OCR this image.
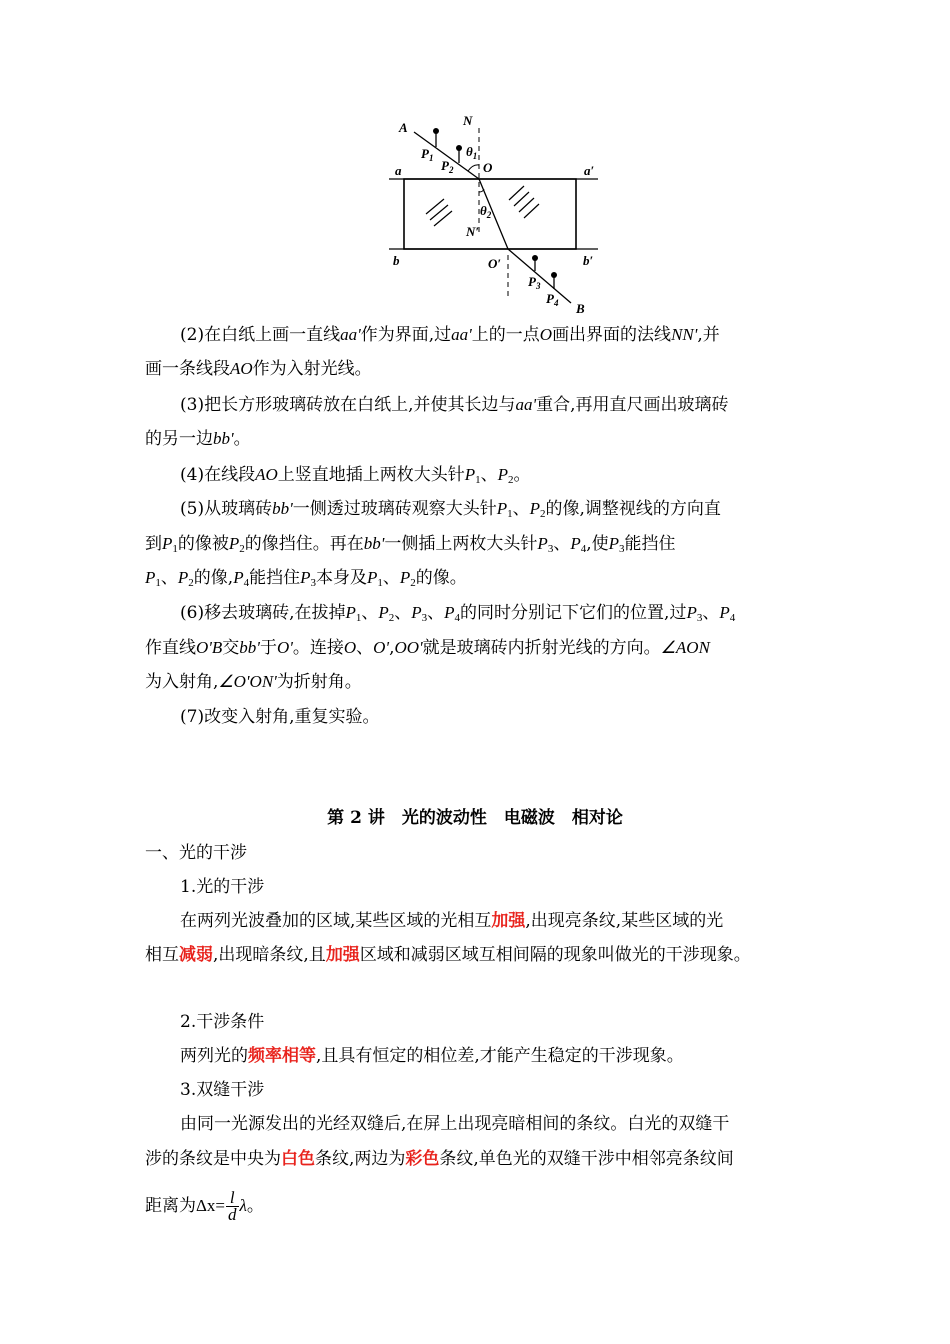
A	N
$P_1$ $P_2$
$\theta_1$
O
a	a′
$\theta_2$
N′
b	O′	b′
$P_3$
$P_4$ B
(2)在白纸上画一直线aa'作为界面,过aa'上的一点O画出界面的法线NN',并
画一条线段AO作为入射光线。
(3)把长方形玻璃砖放在白纸上,并使其长边与aa'重合,再用直尺画出玻璃砖
的另一边bb'。
(4)在线段AO上竖直地插上两枚大头针$P_1$、$P_2$。
(5)从玻璃砖bb'一侧透过玻璃砖观察大头针$P_1$、$P_2$的像,调整视线的方向直
到$P_1$的像被$P_2$的像挡住。再在bb'一侧插上两枚大头针$P_3$、$P_4$,使$P_3$能挡住
$P_1$、$P_2$的像$,P_4$能挡住$P_3$本身及$P_1$、$P_2$的像。
(6)移去玻璃砖,在拔掉$P_1$、$P_2$、$P_3$、$P_4$的同时分别记下它们的位置,过$P_3$、$P_4$
作直线O'B交bb'于O'。连接O、O',OO'就是玻璃砖内折射光线的方向。∠AON
为入射角,∠O'ON'为折射角。
(7)改变入射角,重复实验。
第 2 讲　光的波动性　电磁波　相对论
一、光的干涉
1.光的干涉
在两列光波叠加的区域,某些区域的光相互加强,出现亮条纹,某些区域的光
相互减弱,出现暗条纹,且加强区域和减弱区域互相间隔的现象叫做光的干涉现象。
2.干涉条件
两列光的频率相等,且具有恒定的相位差,才能产生稳定的干涉现象。
3.双缝干涉
由同一光源发出的光经双缝后,在屏上出现亮暗相间的条纹。白光的双缝干
涉的条纹是中央为白色条纹,两边为彩色条纹,单色光的双缝干涉中相邻亮条纹间
距离为$\Delta x= \frac{l}{d}$ λ。
